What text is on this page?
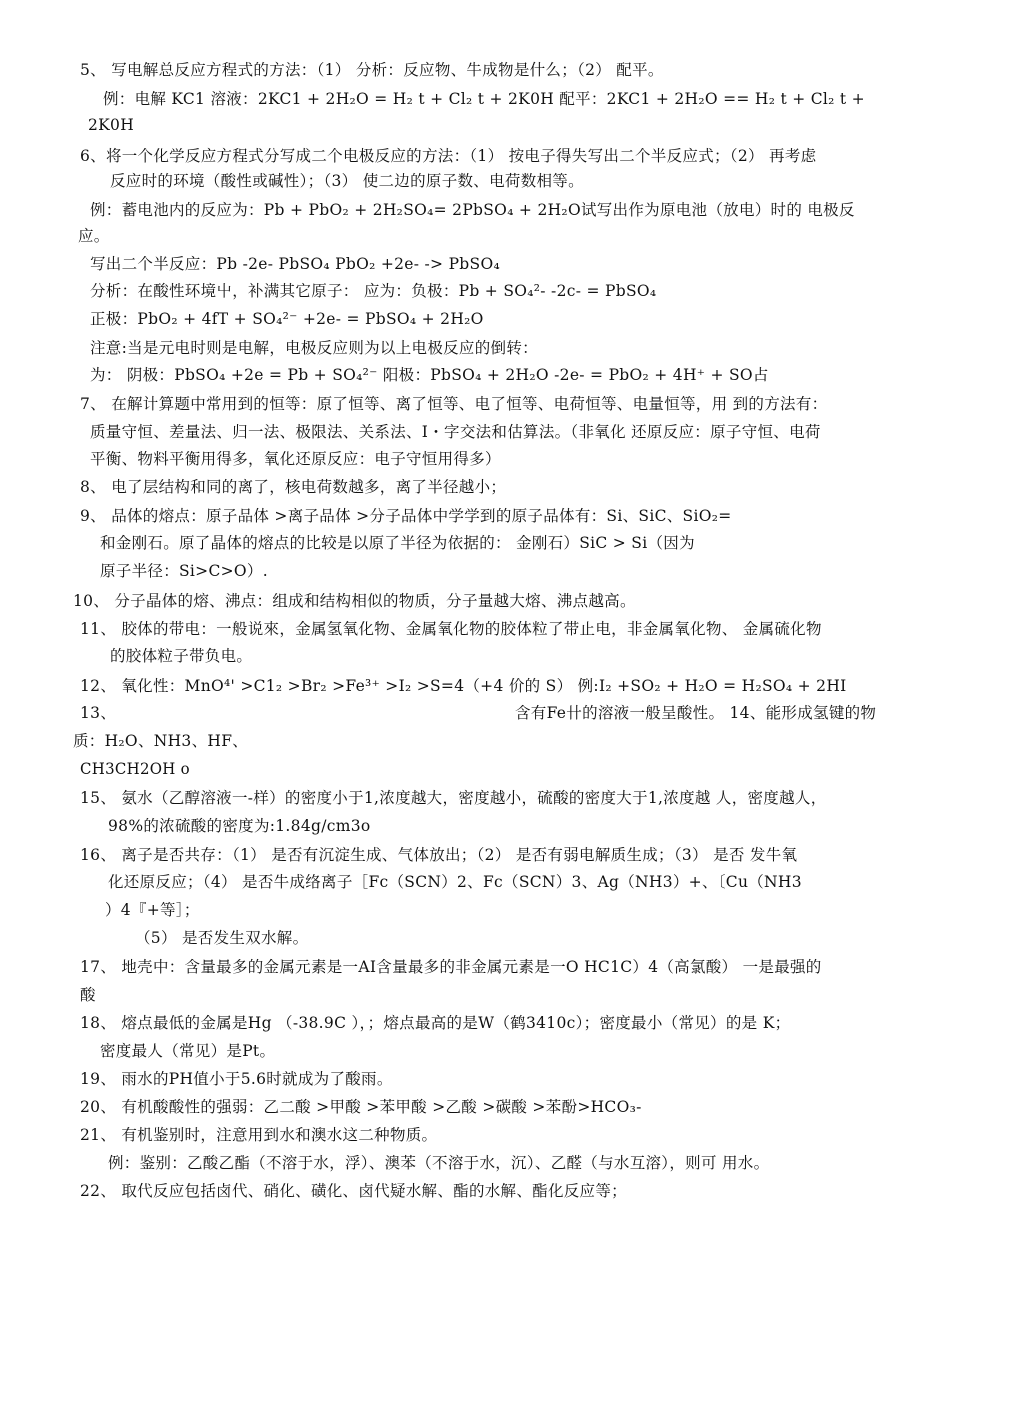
5、 写电解总反应方程式的方法：（1） 分析：反应物、牛成物是什么；（2） 配平。
例：电解 KC1 溶液：2KC1 + 2H₂O = H₂ t + Cl₂ t + 2K0H 配平：2KC1 + 2H₂O == H₂ t + Cl₂ t +
2K0H
6、将一个化学反应方程式分写成二个电极反应的方法：（1） 按电子得失写出二个半反应式；（2） 再考虑
反应时的环境（酸性或碱性）；（3） 使二边的原子数、电荷数相等。
例：蓄电池内的反应为：Pb + PbO₂ + 2H₂SO₄= 2PbSO₄ + 2H₂O试写出作为原电池（放电）时的 电极反
应。
写出二个半反应：Pb -2e- PbSO₄ PbO₂ +2e- -> PbSO₄
分析：在酸性环境屮，补满其它原子： 应为：负极：Pb + SO₄²- -2c- = PbSO₄
正极：PbO₂ + 4fT + SO₄²⁻ +2e- = PbSO₄ + 2H₂O
注意:当是元电时则是电解，电极反应则为以上电极反应的倒转：
为： 阴极：PbSO₄ +2e = Pb + SO₄²⁻ 阳极：PbSO₄ + 2H₂O -2e- = PbO₂ + 4H⁺ + SO占
7、 在解计算题中常用到的恒等：原了恒等、离了恒等、电了恒等、电荷恒等、电量恒等，用 到的方法有：
质量守恒、差量法、归一法、极限法、关系法、I・字交法和估算法。（非氧化 还原反应：原子守恒、电荷
平衡、物料平衡用得多，氧化还原反应：电子守恒用得多）
8、 电了层结构和同的离了，核电荷数越多，离了半径越小；
9、 品体的熔点：原子品体 >离子品体 >分子品体中学学到的原子品体有：Si、SiC、SiO₂=
和金刚石。原了晶体的熔点的比较是以原了半径为依据的： 金刚石）SiC > Si（因为
原子半径：Si>C>O）.
10、 分子晶体的熔、沸点：组成和结构相似的物质，分子量越大熔、沸点越高。
11、 胶体的带电：一般说來，金属氢氧化物、金属氧化物的胶体粒了带止电，非金属氧化物、 金属硫化物
的胶体粒子带负电。
12、 氧化性：MnO⁴' >C1₂ >Br₂ >Fe³⁺ >I₂ >S=4（+4 价的 S） 例:I₂ +SO₂ + H₂O = H₂SO₄ + 2HI
13、	含有Fe卄的溶液一般呈酸性。 14、能形成氢键的物
质：H₂O、NH3、HF、
CH3CH2OH o
15、 氨水（乙醇溶液一-样）的密度小于1,浓度越大，密度越小，硫酸的密度大于1,浓度越 人，密度越人，
98%的浓硫酸的密度为:1.84g/cm3o
16、 离子是否共存：（1） 是否有沉淀生成、气体放出；（2） 是否有弱电解质生成；（3） 是否 发牛氧
化还原反应；（4） 是否牛成络离子［Fc（SCN）2、Fc（SCN）3、Ag（NH3）+、〔Cu（NH3
）4『+等］；
（5） 是否发生双水解。
17、 地壳中：含量最多的金属元素是一AI含量最多的非金属元素是一O HC1C）4（高氯酸） 一是最强的
酸
18、 熔点最低的金属是Hg （-38.9C ），；熔点最高的是W（鹤3410c）；密度最小（常见）的是 K；
密度最人（常见）是Pt。
19、 雨水的PH值小于5.6时就成为了酸雨。
20、 有机酸酸性的强弱：乙二酸 >甲酸 >苯甲酸 >乙酸 >碳酸 >苯酚>HCO₃-
21、 有机鉴别时，注意用到水和澳水这二种物质。
例：鉴别：乙酸乙酯（不溶于水，浮）、澳苯（不溶于水，沉）、乙醛（与水互溶），则可 用水。
22、 取代反应包括卤代、硝化、磺化、卤代疑水解、酯的水解、酯化反应等；
